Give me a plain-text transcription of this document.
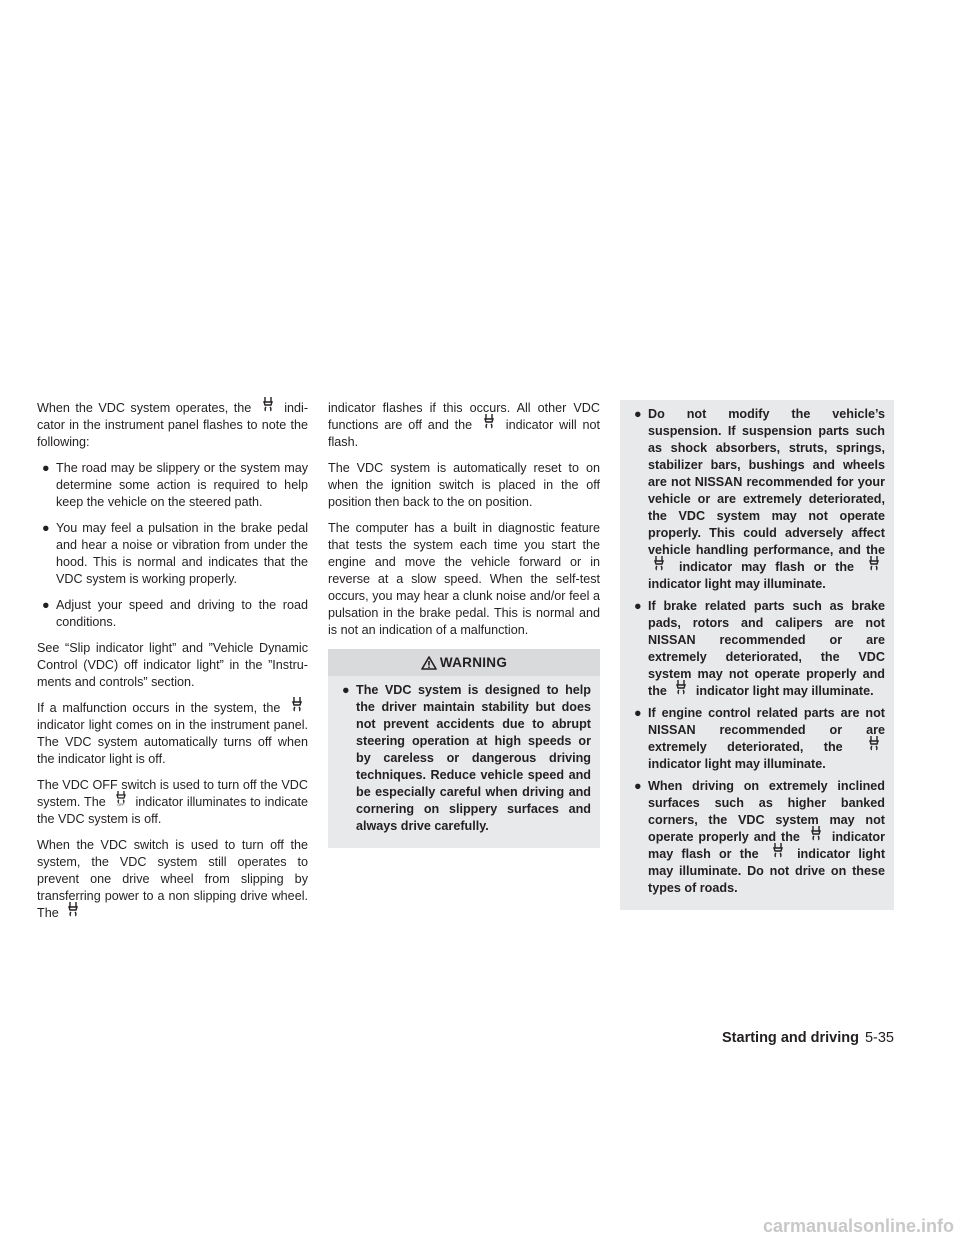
When the VDC system operates, the	indicator in the instrument panel flashes to note the following:

● The road may be slippery or the system may determine some action is required to help keep the vehicle on the steered path.
● You may feel a pulsation in the brake pedal and hear a noise or vibration from under the hood. This is normal and indicates that the VDC system is working properly.
● Adjust your speed and driving to the road conditions.

See “Slip indicator light” and ”Vehicle Dynamic Control (VDC) off indicator light” in the ”Instruments and controls” section.

If a malfunction occurs in the system, the
indicator light comes on in the instrument panel. The VDC system automatically turns off when the indicator light is off.

The VDC OFF switch is used to turn off the VDC system. The	OFF indicator illuminates to indicate the VDC system is off.

When the VDC switch is used to turn off the system, the VDC system still operates to prevent one drive wheel from slipping by transferring power to a non slipping drive wheel. The

indicator flashes if this occurs. All other VDC functions are off and the	indicator will not flash.

The VDC system is automatically reset to on when the ignition switch is placed in the off position then back to the on position.

The computer has a built in diagnostic feature that tests the system each time you start the engine and move the vehicle forward or in reverse at a slow speed. When the self-test occurs, you may hear a clunk noise and/or feel a pulsation in the brake pedal. This is normal and is not an indication of a malfunction.

WARNING
● The VDC system is designed to help the driver maintain stability but does not prevent accidents due to abrupt steering operation at high speeds or by careless or dangerous driving techniques. Reduce vehicle speed and be especially careful when driving and cornering on slippery surfaces and always drive carefully.
● Do not modify the vehicle’s suspension. If suspension parts such as shock absorbers, struts, springs, stabilizer bars, bushings and wheels are not NISSAN recommended for your vehicle or are extremely deteriorated, the VDC system may not operate properly. This could adversely affect vehicle handling performance, and the
indicator may flash or the
indicator light may illuminate.
● If brake related parts such as brake pads, rotors and calipers are not NISSAN recommended or are extremely deteriorated, the VDC system may not operate properly and the indicator light may illuminate.
● If engine control related parts are not NISSAN recommended or are extremely deteriorated, the
indicator light may illuminate.
● When driving on extremely inclined surfaces such as higher banked corners, the VDC system may not operate properly and the	indicator may flash or the	indicator light may illuminate. Do not drive on these types of roads.
Starting and driving 5-35
carmanualsonline.info
